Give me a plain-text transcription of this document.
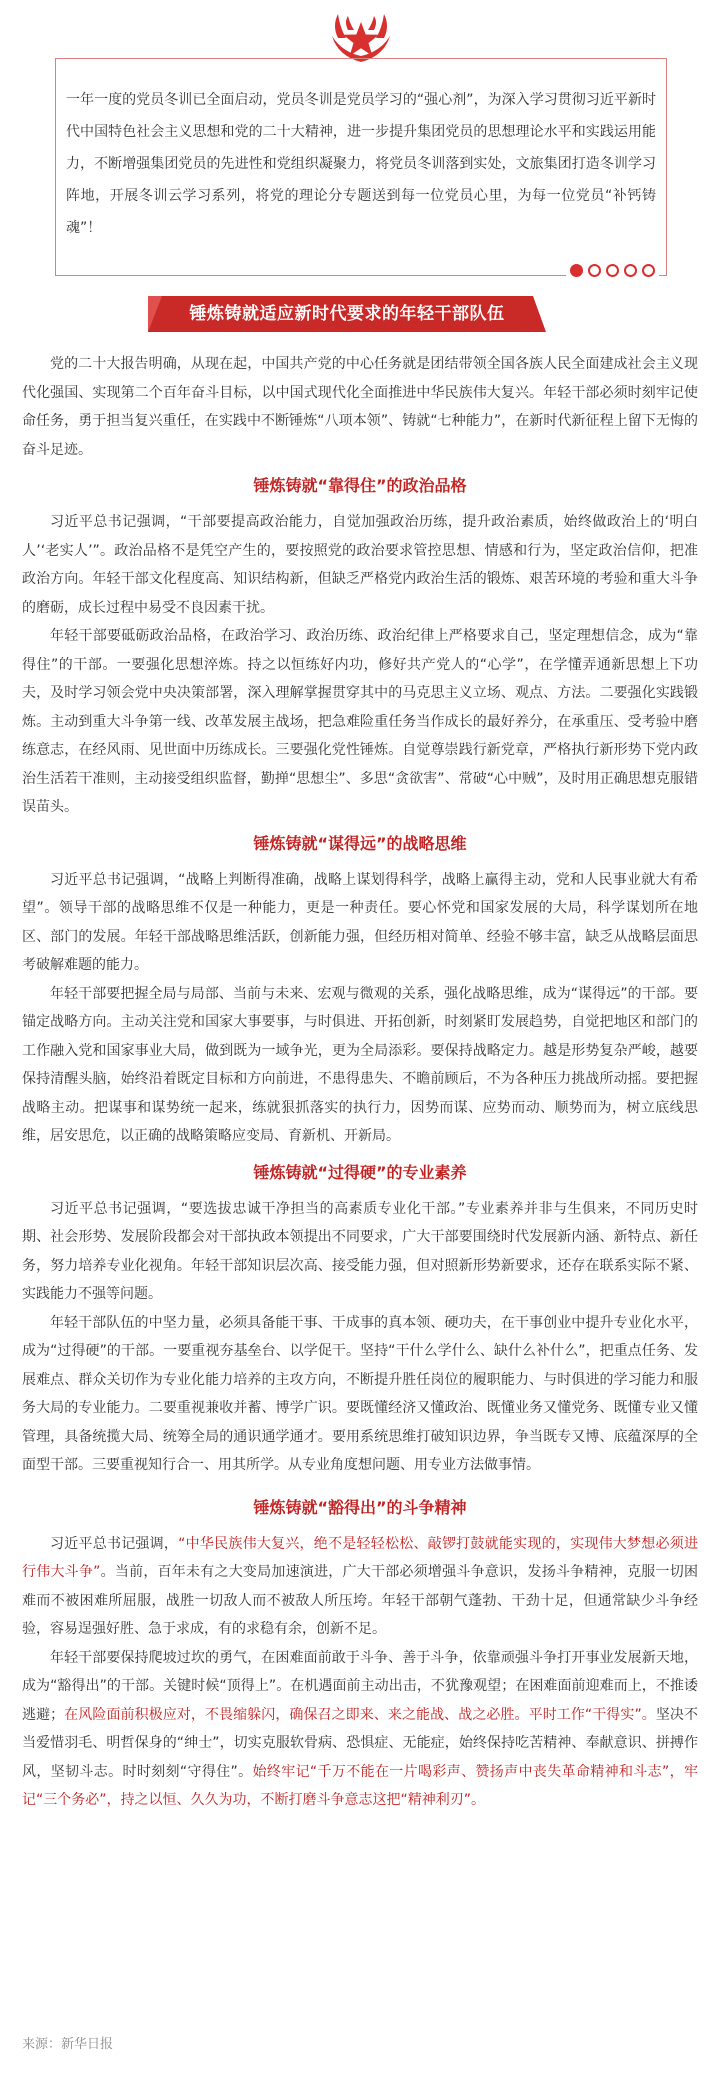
一年一度的党员冬训已全面启动，党员冬训是党员学习的“强心剂”，为深入学习贯彻习近平新时代中国特色社会主义思想和党的二十大精神，进一步提升集团党员的思想理论水平和实践运用能力，不断增强集团党员的先进性和党组织凝聚力，将党员冬训落到实处，文旅集团打造冬训学习阵地，开展冬训云学习系列，将党的理论分专题送到每一位党员心里，为每一位党员“补钙铸魂”！

锤炼铸就适应新时代要求的年轻干部队伍

党的二十大报告明确，从现在起，中国共产党的中心任务就是团结带领全国各族人民全面建成社会主义现代化强国、实现第二个百年奋斗目标，以中国式现代化全面推进中华民族伟大复兴。年轻干部必须时刻牢记使命任务，勇于担当复兴重任，在实践中不断锤炼“八项本领”、铸就“七种能力”，在新时代新征程上留下无悔的奋斗足迹。

锤炼铸就“靠得住”的政治品格

习近平总书记强调，“干部要提高政治能力，自觉加强政治历练，提升政治素质，始终做政治上的‘明白人’‘老实人’”。政治品格不是凭空产生的，要按照党的政治要求管控思想、情感和行为，坚定政治信仰，把准政治方向。年轻干部文化程度高、知识结构新，但缺乏严格党内政治生活的锻炼、艰苦环境的考验和重大斗争的磨砺，成长过程中易受不良因素干扰。

年轻干部要砥砺政治品格，在政治学习、政治历练、政治纪律上严格要求自己，坚定理想信念，成为“靠得住”的干部。一要强化思想淬炼。持之以恒练好内功，修好共产党人的“心学”，在学懂弄通新思想上下功夫，及时学习领会党中央决策部署，深入理解掌握贯穿其中的马克思主义立场、观点、方法。二要强化实践锻炼。主动到重大斗争第一线、改革发展主战场，把急难险重任务当作成长的最好养分，在承重压、受考验中磨练意志，在经风雨、见世面中历练成长。三要强化党性锤炼。自觉尊崇践行新党章，严格执行新形势下党内政治生活若干准则，主动接受组织监督，勤掸“思想尘”、多思“贪欲害”、常破“心中贼”，及时用正确思想克服错误苗头。

锤炼铸就“谋得远”的战略思维

习近平总书记强调，“战略上判断得准确，战略上谋划得科学，战略上赢得主动，党和人民事业就大有希望”。领导干部的战略思维不仅是一种能力，更是一种责任。要心怀党和国家发展的大局，科学谋划所在地区、部门的发展。年轻干部战略思维活跃，创新能力强，但经历相对简单、经验不够丰富，缺乏从战略层面思考破解难题的能力。

年轻干部要把握全局与局部、当前与未来、宏观与微观的关系，强化战略思维，成为“谋得远”的干部。要锚定战略方向。主动关注党和国家大事要事，与时俱进、开拓创新，时刻紧盯发展趋势，自觉把地区和部门的工作融入党和国家事业大局，做到既为一域争光，更为全局添彩。要保持战略定力。越是形势复杂严峻，越要保持清醒头脑，始终沿着既定目标和方向前进，不患得患失、不瞻前顾后，不为各种压力挑战所动摇。要把握战略主动。把谋事和谋势统一起来，练就狠抓落实的执行力，因势而谋、应势而动、顺势而为，树立底线思维，居安思危，以正确的战略策略应变局、育新机、开新局。

锤炼铸就“过得硬”的专业素养

习近平总书记强调，“要选拔忠诚干净担当的高素质专业化干部。”专业素养并非与生俱来，不同历史时期、社会形势、发展阶段都会对干部执政本领提出不同要求，广大干部要围绕时代发展新内涵、新特点、新任务，努力培养专业化视角。年轻干部知识层次高、接受能力强，但对照新形势新要求，还存在联系实际不紧、实践能力不强等问题。

年轻干部队伍的中坚力量，必须具备能干事、干成事的真本领、硬功夫，在干事创业中提升专业化水平，成为“过得硬”的干部。一要重视夯基垒台、以学促干。坚持“干什么学什么、缺什么补什么”，把重点任务、发展难点、群众关切作为专业化能力培养的主攻方向，不断提升胜任岗位的履职能力、与时俱进的学习能力和服务大局的专业能力。二要重视兼收并蓄、博学广识。要既懂经济又懂政治、既懂业务又懂党务、既懂专业又懂管理，具备统揽大局、统筹全局的通识通学通才。要用系统思维打破知识边界，争当既专又博、底蕴深厚的全面型干部。三要重视知行合一、用其所学。从专业角度想问题、用专业方法做事情。

锤炼铸就“豁得出”的斗争精神

习近平总书记强调，“中华民族伟大复兴，绝不是轻轻松松、敲锣打鼓就能实现的，实现伟大梦想必须进行伟大斗争”。当前，百年未有之大变局加速演进，广大干部必须增强斗争意识，发扬斗争精神，克服一切困难而不被困难所屈服，战胜一切敌人而不被敌人所压垮。年轻干部朝气蓬勃、干劲十足，但通常缺少斗争经验，容易逞强好胜、急于求成，有的求稳有余，创新不足。

年轻干部要保持爬坡过坎的勇气，在困难面前敢于斗争、善于斗争，依靠顽强斗争打开事业发展新天地，成为“豁得出”的干部。关键时候“顶得上”。在机遇面前主动出击，不犹豫观望；在困难面前迎难而上，不推诿逃避；在风险面前积极应对，不畏缩躲闪，确保召之即来、来之能战、战之必胜。平时工作“干得实”。坚决不当爱惜羽毛、明哲保身的“绅士”，切实克服软骨病、恐惧症、无能症，始终保持吃苦精神、奉献意识、拼搏作风，坚韧斗志。时时刻刻“守得住”。始终牢记“千万不能在一片喝彩声、赞扬声中丧失革命精神和斗志”，牢记“三个务必”，持之以恒、久久为功，不断打磨斗争意志这把“精神利刃”。

来源：新华日报
